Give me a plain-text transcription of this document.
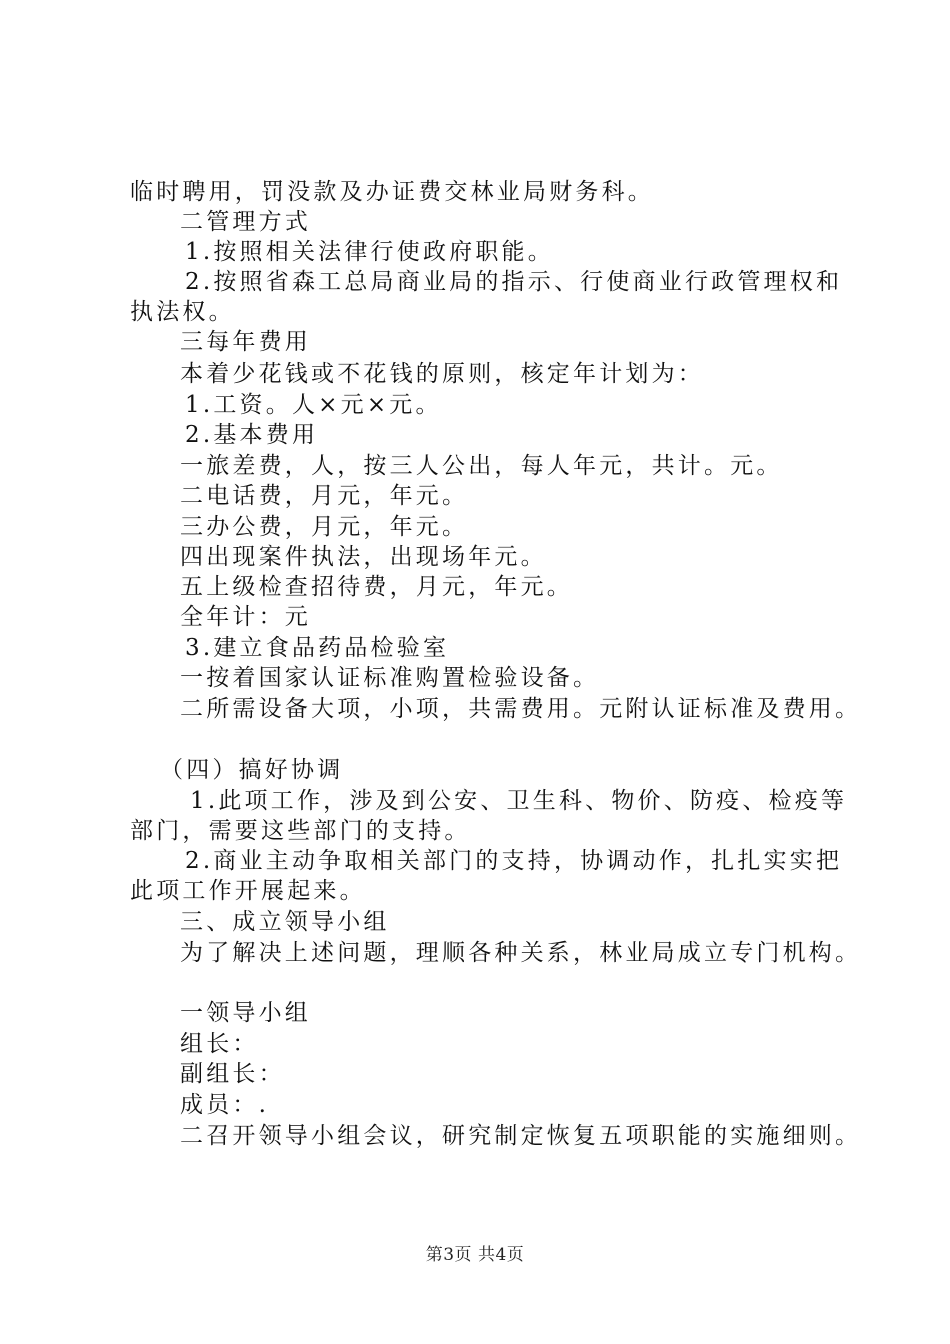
临时聘用，罚没款及办证费交林业局财务科。
二管理方式
1.按照相关法律行使政府职能。
2.按照省森工总局商业局的指示、行使商业行政管理权和
执法权。
三每年费用
本着少花钱或不花钱的原则，核定年计划为：
1.工资。人×元×元。
2.基本费用
一旅差费，人，按三人公出，每人年元，共计。元。
二电话费，月元，年元。
三办公费，月元，年元。
四出现案件执法，出现场年元。
五上级检查招待费，月元，年元。
全年计：元
3.建立食品药品检验室
一按着国家认证标准购置检验设备。
二所需设备大项，小项，共需费用。元附认证标准及费用。
（四）搞好协调
1.此项工作，涉及到公安、卫生科、物价、防疫、检疫等
部门，需要这些部门的支持。
2.商业主动争取相关部门的支持，协调动作，扎扎实实把
此项工作开展起来。
三、成立领导小组
为了解决上述问题，理顺各种关系，林业局成立专门机构。
一领导小组
组长：
副组长：
成员：.
二召开领导小组会议，研究制定恢复五项职能的实施细则。
第3页 共4页
